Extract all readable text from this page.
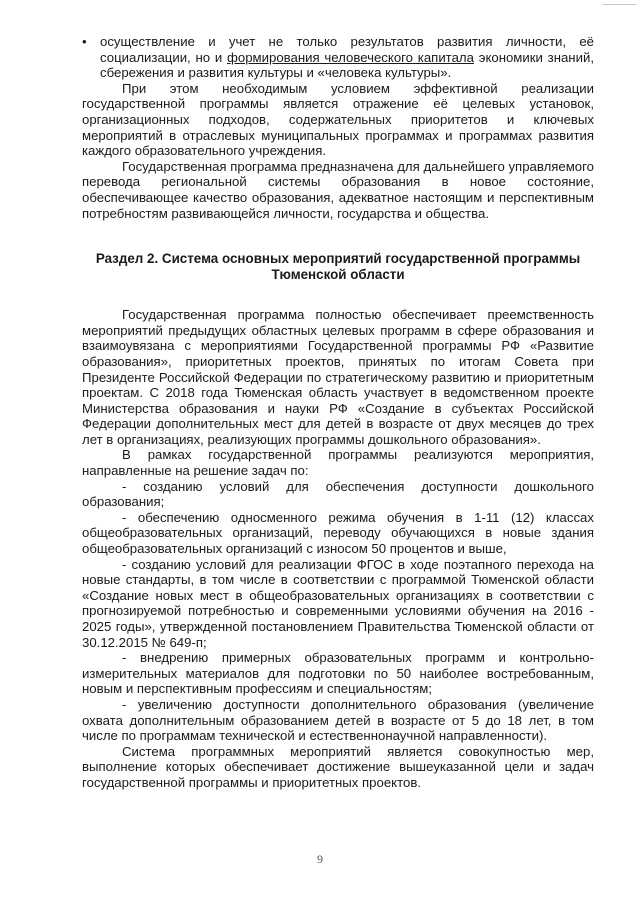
•	осуществление и учет не только результатов развития личности, её социализации, но и формирования человеческого капитала экономики знаний, сбережения и развития культуры и «человека культуры».

При этом необходимым условием эффективной реализации государственной программы является отражение её целевых установок, организационных подходов, содержательных приоритетов и ключевых мероприятий в отраслевых муниципальных программах и программах развития каждого образовательного учреждения.

Государственная программа предназначена для дальнейшего управляемого перевода региональной системы образования в новое состояние, обеспечивающее качество образования, адекватное настоящим и перспективным потребностям развивающейся личности, государства и общества.

Раздел 2. Система основных мероприятий государственной программы Тюменской области

Государственная программа полностью обеспечивает преемственность мероприятий предыдущих областных целевых программ в сфере образования и взаимоувязана с мероприятиями Государственной программы РФ «Развитие образования», приоритетных проектов, принятых по итогам Совета при Президенте Российской Федерации по стратегическому развитию и приоритетным проектам. С 2018 года Тюменская область участвует в ведомственном проекте Министерства образования и науки РФ «Создание в субъектах Российской Федерации дополнительных мест для детей в возрасте от двух месяцев до трех лет в организациях, реализующих программы дошкольного образования».

В рамках государственной программы реализуются мероприятия, направленные на решение задач по:

- созданию условий для обеспечения доступности дошкольного образования;

- обеспечению односменного режима обучения в 1-11 (12) классах общеобразовательных организаций, переводу обучающихся в новые здания общеобразовательных организаций с износом 50 процентов и выше,

- созданию условий для реализации ФГОС в ходе поэтапного перехода на новые стандарты, в том числе в соответствии с программой Тюменской области «Создание новых мест в общеобразовательных организациях в соответствии с прогнозируемой потребностью и современными условиями обучения на 2016 - 2025 годы», утвержденной постановлением Правительства Тюменской области от 30.12.2015 № 649-п;

- внедрению примерных образовательных программ и контрольно-измерительных материалов для подготовки по 50 наиболее востребованным, новым и перспективным профессиям и специальностям;

- увеличению доступности дополнительного образования (увеличение охвата дополнительным образованием детей в возрасте от 5 до 18 лет, в том числе по программам технической и естественнонаучной направленности).

Система программных мероприятий является совокупностью мер, выполнение которых обеспечивает достижение вышеуказанной цели и задач государственной программы и приоритетных проектов.

9
